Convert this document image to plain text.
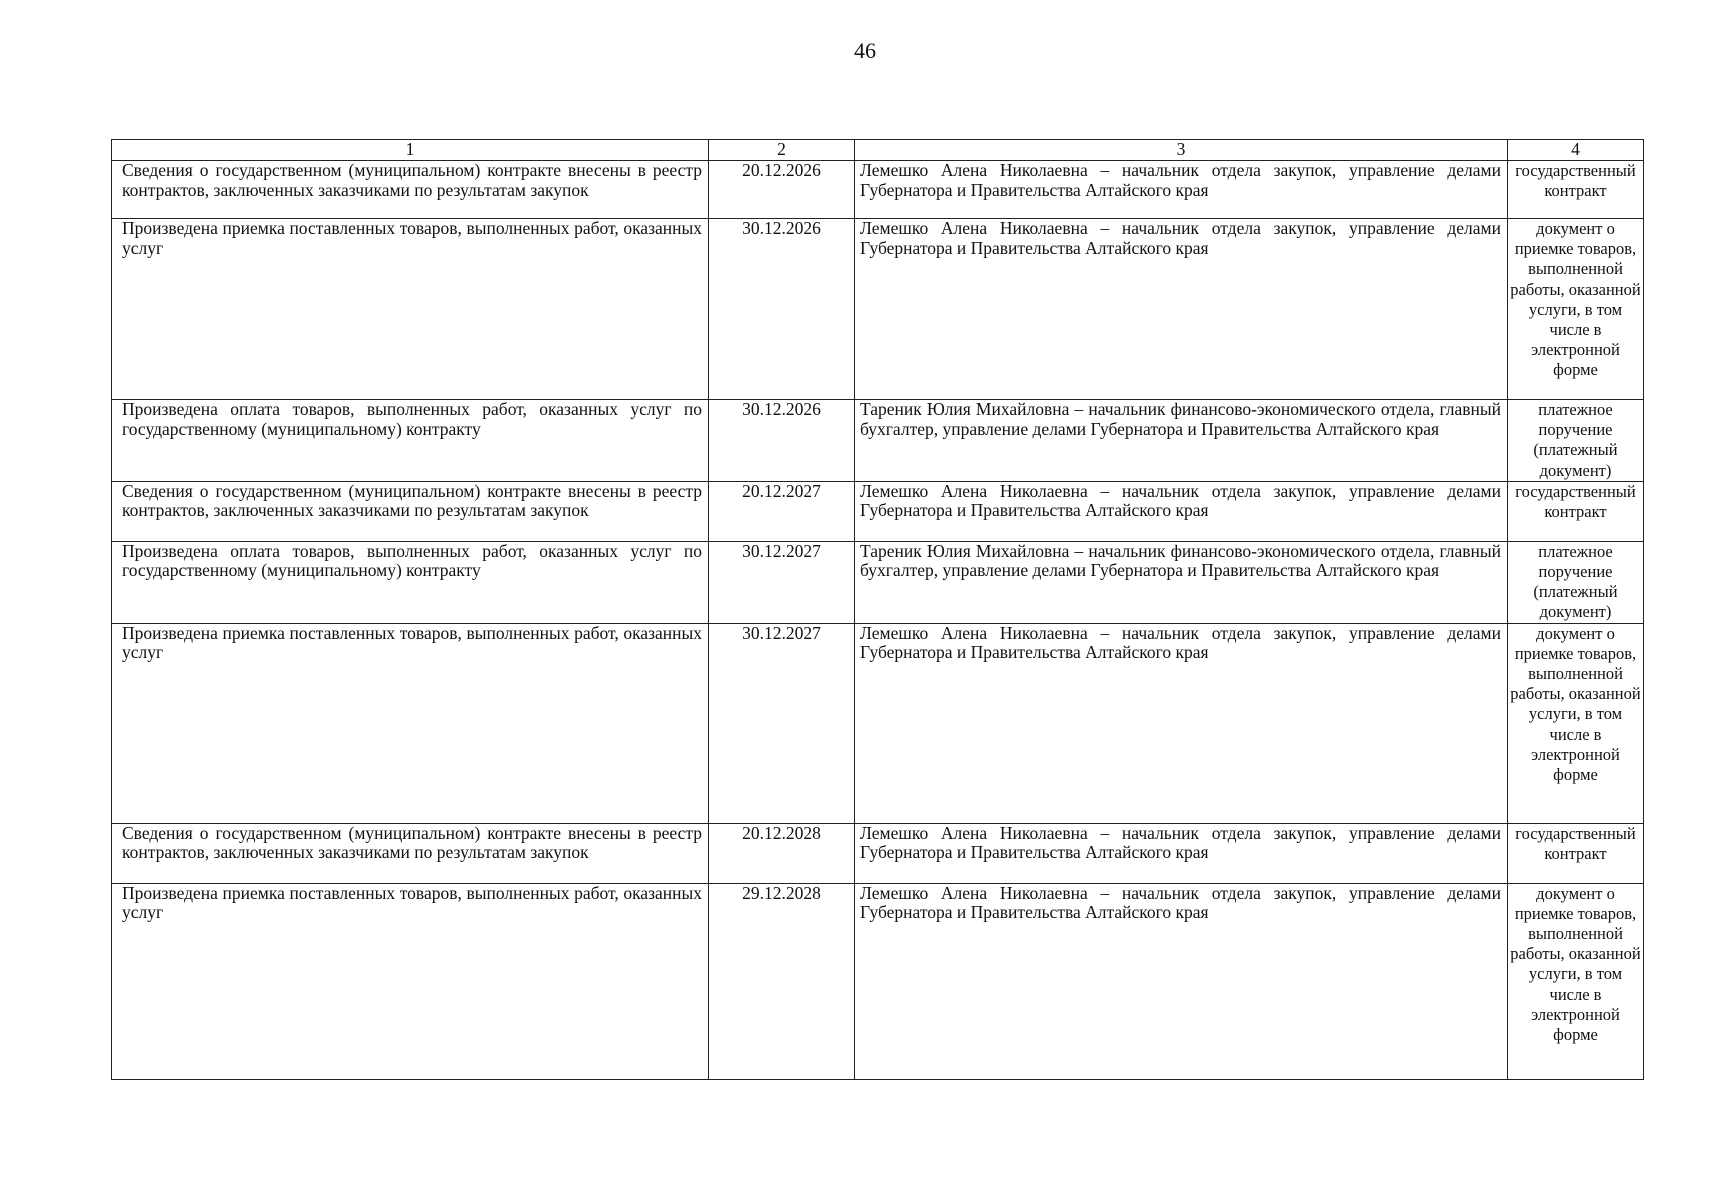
46
1	2	3	4

Сведения о государственном (муниципальном) контракте внесены в реестр контрактов, заключенных заказчиками по результатам закупок	20.12.2026	Лемешко Алена Николаевна – начальник отдела закупок, управление делами Губернатора и Правительства Алтайского края	государственный контракт

Произведена приемка поставленных товаров, выполненных работ, оказанных услуг	30.12.2026	Лемешко Алена Николаевна – начальник отдела закупок, управление делами Губернатора и Правительства Алтайского края	документ о приемке товаров, выполненной работы, оказанной услуги, в том числе в электронной форме

Произведена оплата товаров, выполненных работ, оказанных услуг по государственному (муниципальному) контракту	30.12.2026	Тареник Юлия Михайловна – начальник финансово-экономического отдела, главный бухгалтер, управление делами Губернатора и Правительства Алтайского края	платежное поручение (платежный документ)

Сведения о государственном (муниципальном) контракте внесены в реестр контрактов, заключенных заказчиками по результатам закупок	20.12.2027	Лемешко Алена Николаевна – начальник отдела закупок, управление делами Губернатора и Правительства Алтайского края	государственный контракт

Произведена оплата товаров, выполненных работ, оказанных услуг по государственному (муниципальному) контракту	30.12.2027	Тареник Юлия Михайловна – начальник финансово-экономического отдела, главный бухгалтер, управление делами Губернатора и Правительства Алтайского края	платежное поручение (платежный документ)

Произведена приемка поставленных товаров, выполненных работ, оказанных услуг	30.12.2027	Лемешко Алена Николаевна – начальник отдела закупок, управление делами Губернатора и Правительства Алтайского края	документ о приемке товаров, выполненной работы, оказанной услуги, в том числе в электронной форме

Сведения о государственном (муниципальном) контракте внесены в реестр контрактов, заключенных заказчиками по результатам закупок	20.12.2028	Лемешко Алена Николаевна – начальник отдела закупок, управление делами Губернатора и Правительства Алтайского края	государственный контракт

Произведена приемка поставленных товаров, выполненных работ, оказанных услуг	29.12.2028	Лемешко Алена Николаевна – начальник отдела закупок, управление делами Губернатора и Правительства Алтайского края	документ о приемке товаров, выполненной работы, оказанной услуги, в том числе в электронной форме
